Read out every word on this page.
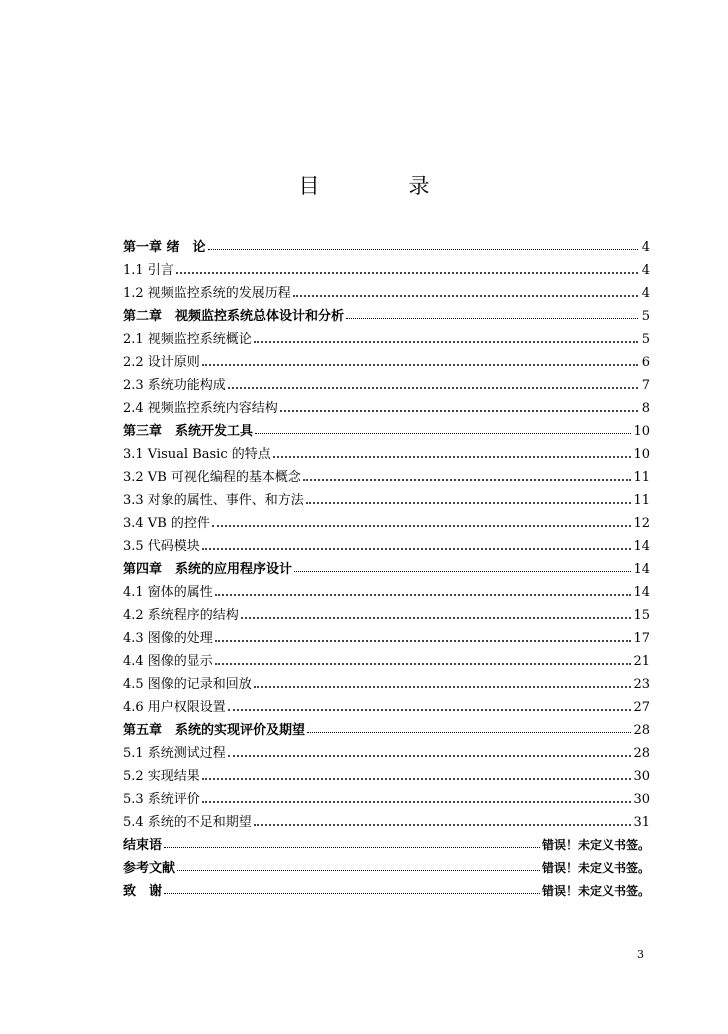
目　录
第一章 绪　论	4
1.1 引言	4
1.2 视频监控系统的发展历程	4
第二章　视频监控系统总体设计和分析	5
2.1 视频监控系统概论	5
2.2 设计原则	6
2.3 系统功能构成	7
2.4 视频监控系统内容结构	8
第三章　系统开发工具	10
3.1 Visual Basic 的特点	10
3.2 VB 可视化编程的基本概念	11
3.3 对象的属性、事件、和方法	11
3.4 VB 的控件	12
3.5 代码模块	14
第四章　系统的应用程序设计	14
4.1 窗体的属性	14
4.2 系统程序的结构	15
4.3 图像的处理	17
4.4 图像的显示	21
4.5 图像的记录和回放	23
4.6 用户权限设置	27
第五章　系统的实现评价及期望	28
5.1 系统测试过程	28
5.2 实现结果	30
5.3 系统评价	30
5.4 系统的不足和期望	31
结束语	错误！未定义书签。
参考文献	错误！未定义书签。
致　谢	错误！未定义书签。
3
